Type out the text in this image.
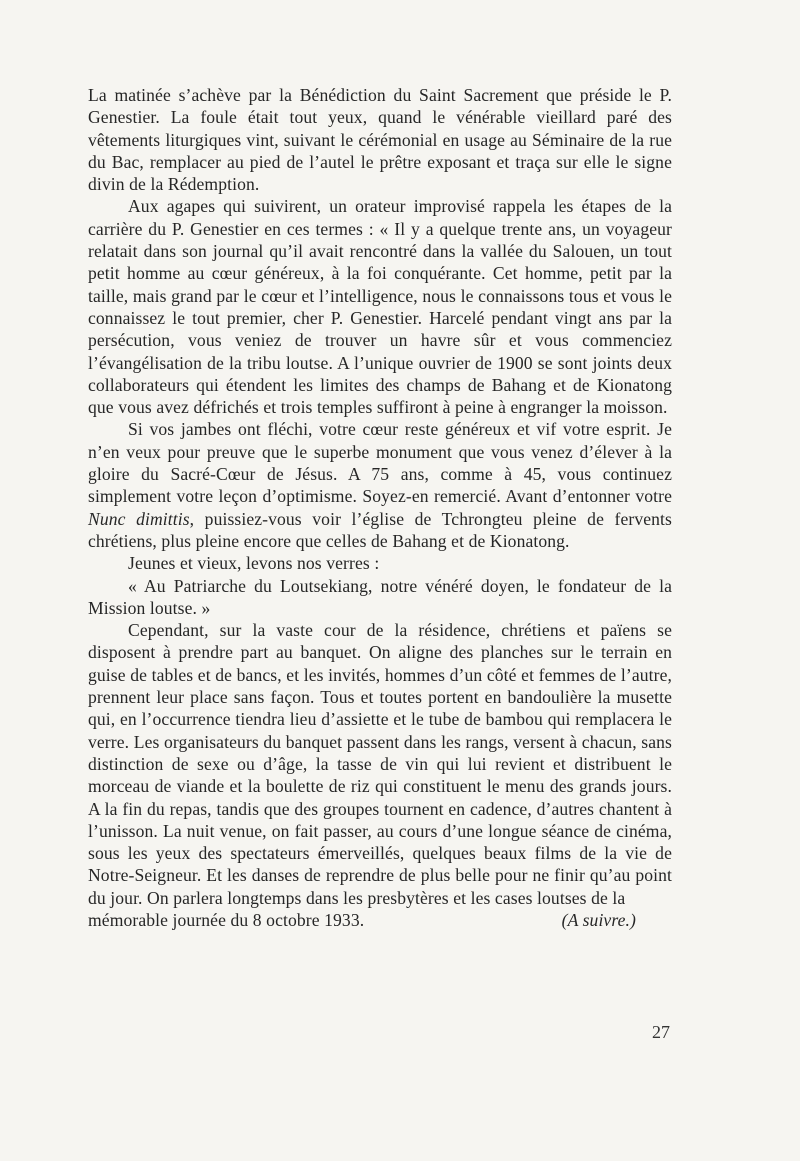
La matinée s’achève par la Bénédiction du Saint Sacrement que préside le P. Genestier. La foule était tout yeux, quand le vénérable vieillard paré des vêtements liturgiques vint, suivant le cérémonial en usage au Séminaire de la rue du Bac, remplacer au pied de l’autel le prêtre exposant et traça sur elle le signe divin de la Rédemption.

Aux agapes qui suivirent, un orateur improvisé rappela les étapes de la carrière du P. Genestier en ces termes : « Il y a quelque trente ans, un voyageur relatait dans son journal qu’il avait rencontré dans la vallée du Salouen, un tout petit homme au cœur généreux, à la foi conquérante. Cet homme, petit par la taille, mais grand par le cœur et l’intelligence, nous le connaissons tous et vous le connaissez le tout premier, cher P. Genestier. Harcelé pendant vingt ans par la persécution, vous veniez de trouver un havre sûr et vous commenciez l’évangélisation de la tribu loutse. A l’unique ouvrier de 1900 se sont joints deux collaborateurs qui étendent les limites des champs de Bahang et de Kionatong que vous avez défrichés et trois temples suffiront à peine à engranger la moisson.

Si vos jambes ont fléchi, votre cœur reste généreux et vif votre esprit. Je n’en veux pour preuve que le superbe monument que vous venez d’élever à la gloire du Sacré-Cœur de Jésus. A 75 ans, comme à 45, vous continuez simplement votre leçon d’optimisme. Soyez-en remercié. Avant d’entonner votre Nunc dimittis, puissiez-vous voir l’église de Tchrongteu pleine de fervents chrétiens, plus pleine encore que celles de Bahang et de Kionatong.

Jeunes et vieux, levons nos verres :

« Au Patriarche du Loutsekiang, notre vénéré doyen, le fondateur de la Mission loutse. »

Cependant, sur la vaste cour de la résidence, chrétiens et païens se disposent à prendre part au banquet. On aligne des planches sur le terrain en guise de tables et de bancs, et les invités, hommes d’un côté et femmes de l’autre, prennent leur place sans façon. Tous et toutes portent en bandoulière la musette qui, en l’occurrence tiendra lieu d’assiette et le tube de bambou qui remplacera le verre. Les organisateurs du banquet passent dans les rangs, versent à chacun, sans distinction de sexe ou d’âge, la tasse de vin qui lui revient et distribuent le morceau de viande et la boulette de riz qui constituent le menu des grands jours. A la fin du repas, tandis que des groupes tournent en cadence, d’autres chantent à l’unisson. La nuit venue, on fait passer, au cours d’une longue séance de cinéma, sous les yeux des spectateurs émerveillés, quelques beaux films de la vie de Notre-Seigneur. Et les danses de reprendre de plus belle pour ne finir qu’au point du jour. On parlera longtemps dans les presbytères et les cases loutses de la

mémorable journée du 8 octobre 1933.	(A suivre.)
27
